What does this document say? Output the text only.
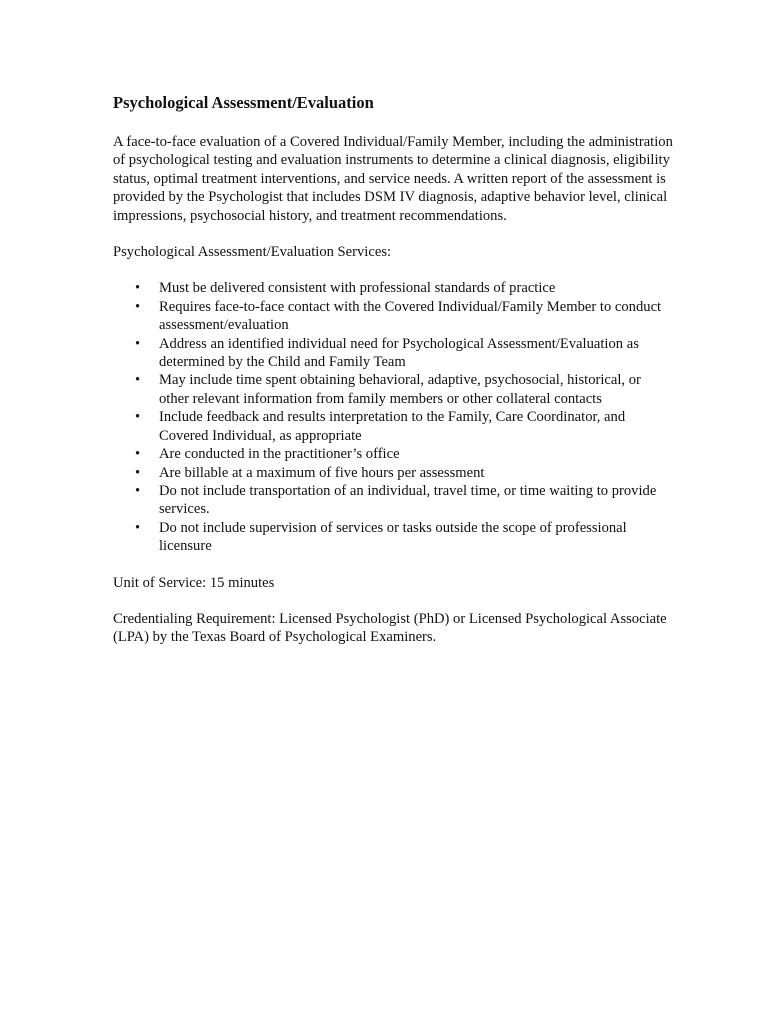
Psychological Assessment/Evaluation

A face-to-face evaluation of a Covered Individual/Family Member, including the administration of psychological testing and evaluation instruments to determine a clinical diagnosis, eligibility status, optimal treatment interventions, and service needs. A written report of the assessment is provided by the Psychologist that includes DSM IV diagnosis, adaptive behavior level, clinical impressions, psychosocial history, and treatment recommendations.

Psychological Assessment/Evaluation Services:

• Must be delivered consistent with professional standards of practice
• Requires face-to-face contact with the Covered Individual/Family Member to conduct assessment/evaluation
• Address an identified individual need for Psychological Assessment/Evaluation as determined by the Child and Family Team
• May include time spent obtaining behavioral, adaptive, psychosocial, historical, or other relevant information from family members or other collateral contacts
• Include feedback and results interpretation to the Family, Care Coordinator, and Covered Individual, as appropriate
• Are conducted in the practitioner’s office
• Are billable at a maximum of five hours per assessment
• Do not include transportation of an individual, travel time, or time waiting to provide services.
• Do not include supervision of services or tasks outside the scope of professional licensure

Unit of Service: 15 minutes

Credentialing Requirement: Licensed Psychologist (PhD) or Licensed Psychological Associate (LPA) by the Texas Board of Psychological Examiners.
